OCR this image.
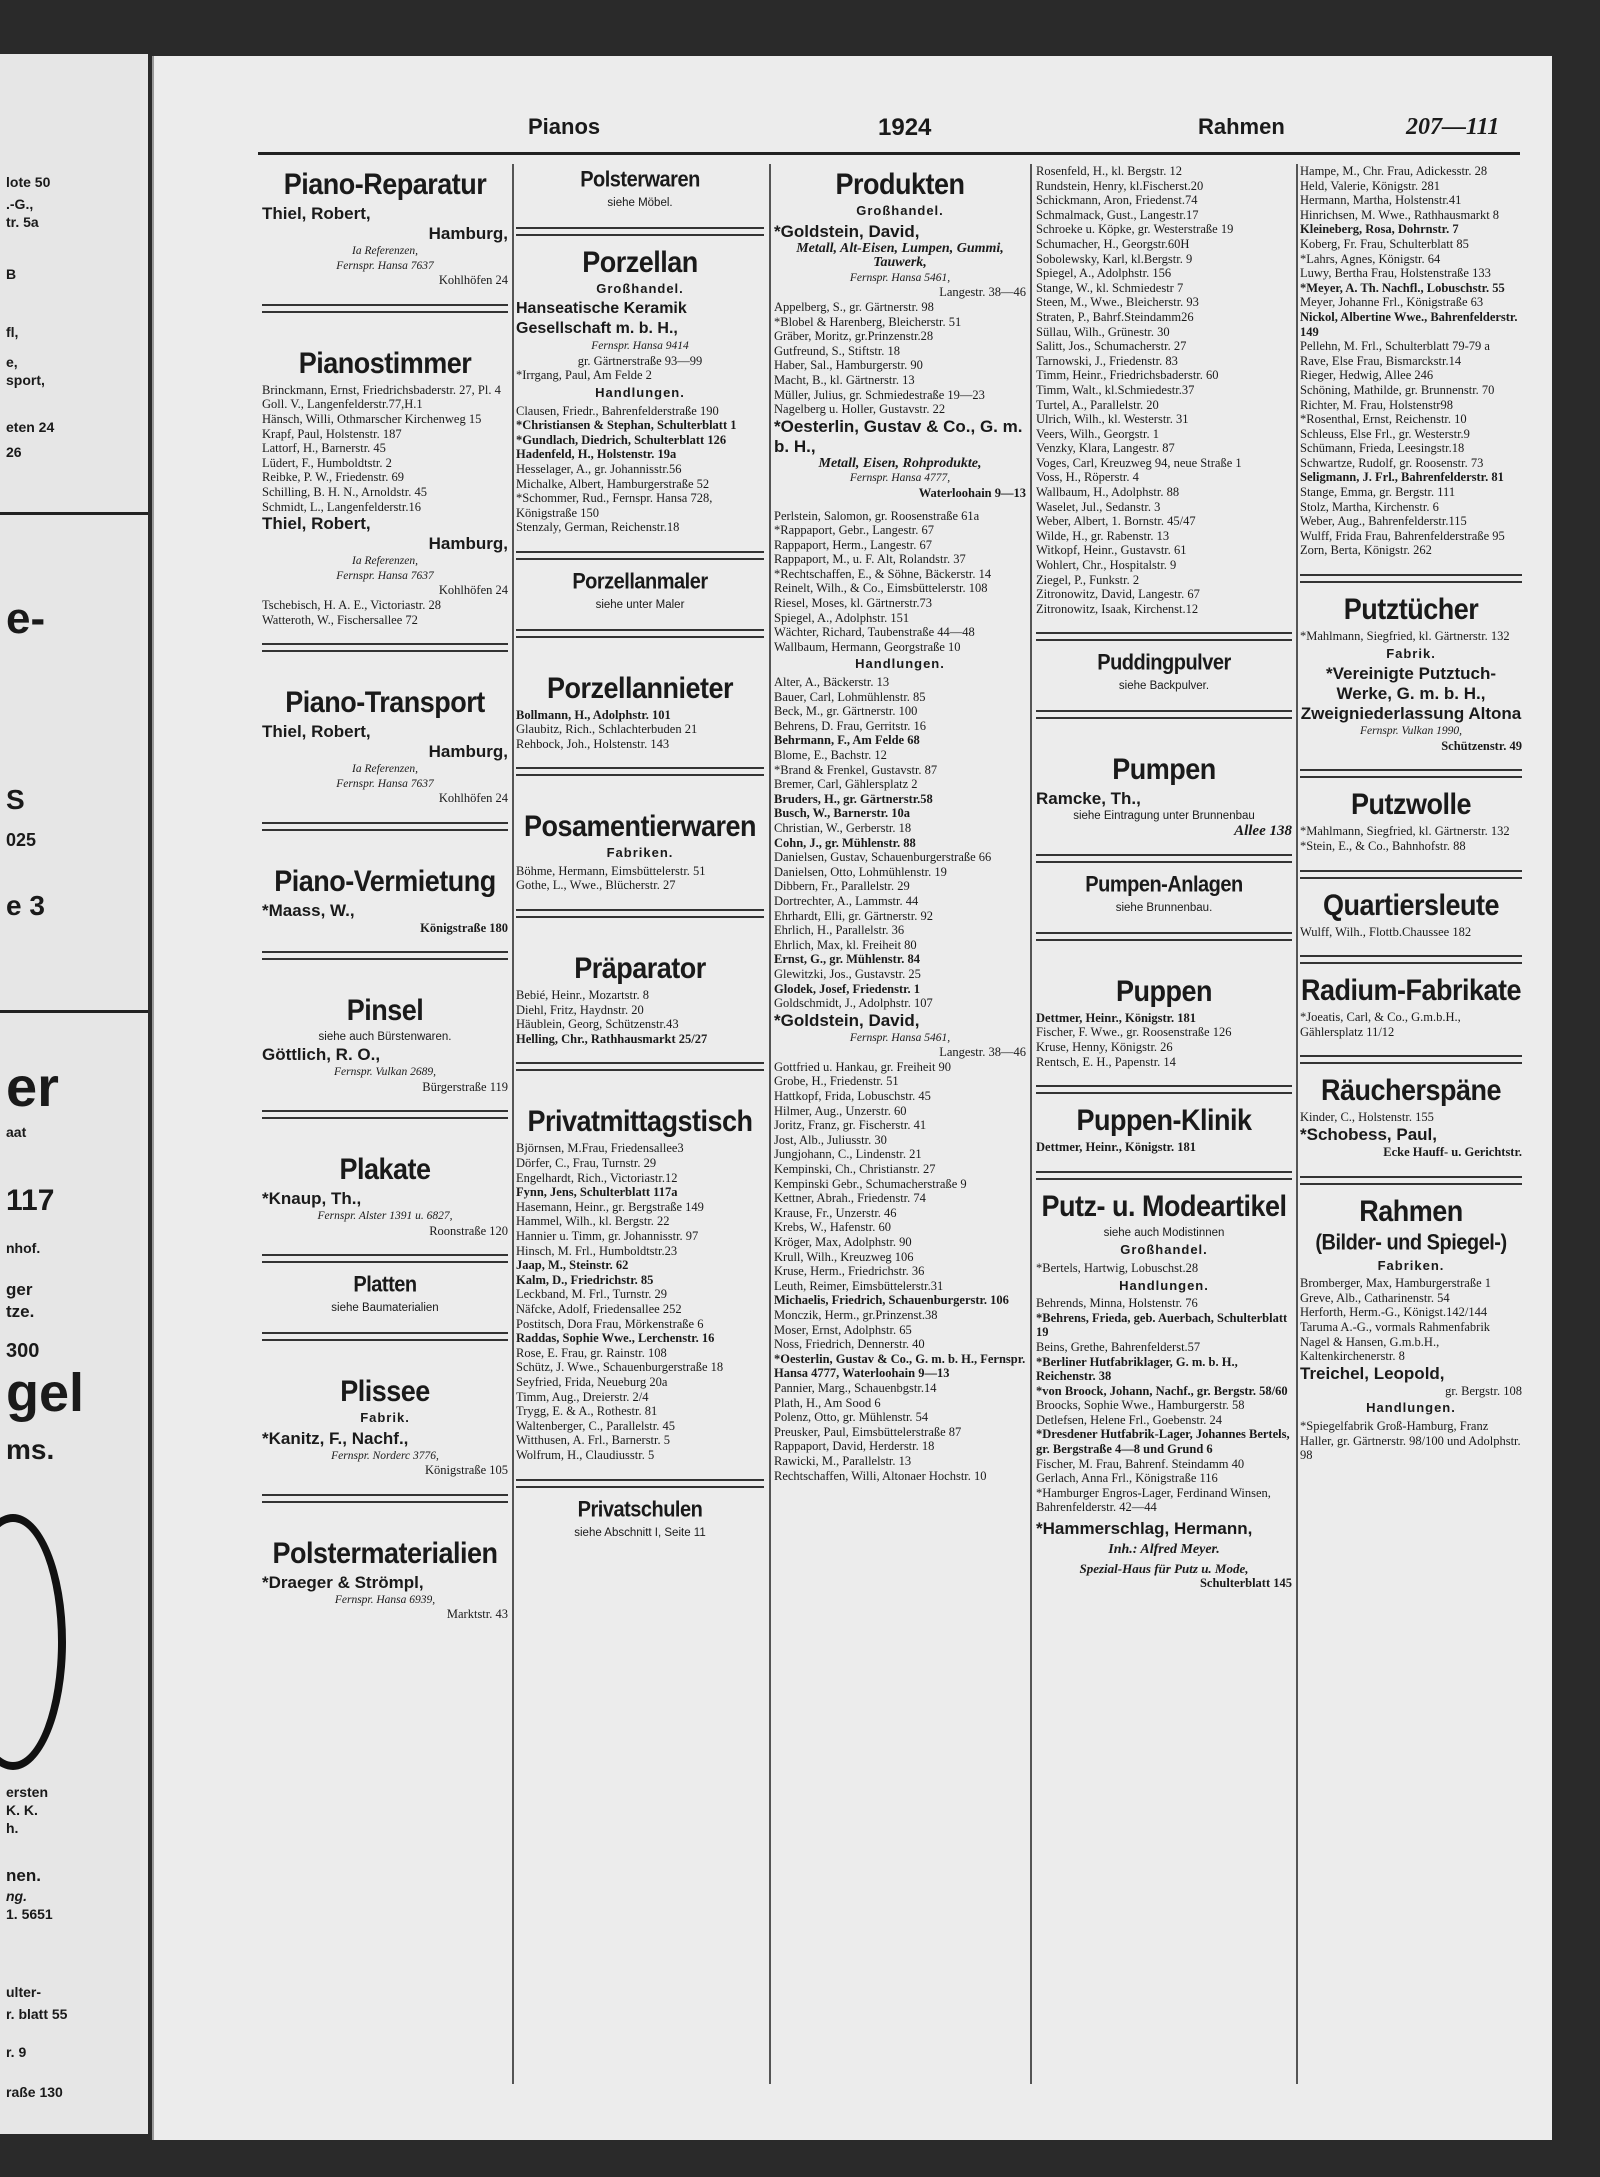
lote 50
.-G.,
tr. 5a
B
ﬂ,
e,
sport,
eten 24
26
e-
S
025
e 3
er
aat
117
nhof.
ger
tze.
300
gel
ms.
ersten
K. K.
h.
nen.
ng.
1. 5651
ulter-
r. blatt 55
r. 9
raße 130
Pianos	1924	Rahmen	207—111
Piano-Reparatur
Thiel, Robert,
Hamburg,
Ia Referenzen,
Fernspr. Hansa 7637
Kohlhöfen 24
Pianostimmer
Brinckmann, Ernst, Friedrichsbaderstr. 27, Pl. 4
Goll. V., Langenfelderstr.77,H.1
Hänsch, Willi, Othmarscher Kirchenweg 15
Krapf, Paul, Holstenstr. 187
Lattorf, H., Barnerstr. 45
Lüdert, F., Humboldtstr. 2
Reibke, P. W., Friedenstr. 69
Schilling, B. H. N., Arnoldstr. 45
Schmidt, L., Langenfelderstr.16
Thiel, Robert,
Hamburg,
Ia Referenzen,
Fernspr. Hansa 7637
Kohlhöfen 24
Tschebisch, H. A. E., Victoriastr. 28
Watteroth, W., Fischersallee 72
Piano-Transport
Thiel, Robert,
Hamburg,
Ia Referenzen,
Fernspr. Hansa 7637
Kohlhöfen 24
Piano-Vermietung
*Maass, W.,
Königstraße 180
Pinsel
siehe auch Bürstenwaren.
Göttlich, R. O.,
Fernspr. Vulkan 2689,
Bürgerstraße 119
Plakate
*Knaup, Th.,
Fernspr. Alster 1391 u. 6827,
Roonstraße 120
Platten
siehe Baumaterialien
Plissee
Fabrik.
*Kanitz, F., Nachf.,
Fernspr. Norderc 3776,
Königstraße 105
Polstermaterialien
*Draeger & Strömpl,
Fernspr. Hansa 6939,
Marktstr. 43
Polsterwaren
siehe Möbel.
Porzellan
Großhandel.
Hanseatische Keramik Gesellschaft m. b. H.,
Fernspr. Hansa 9414
gr. Gärtnerstraße 93—99
*Irrgang, Paul, Am Felde 2
Handlungen.
Clausen, Friedr., Bahrenfelderstraße 190
*Christiansen & Stephan, Schulterblatt 1
*Gundlach, Diedrich, Schulterblatt 126
Hadenfeld, H., Holstenstr. 19a
Hesselager, A., gr. Johannisstr.56
Michalke, Albert, Hamburgerstraße 52
*Schommer, Rud., Fernspr. Hansa 728, Königstraße 150
Stenzaly, German, Reichenstr.18
Porzellanmaler
siehe unter Maler
Porzellannieter
Bollmann, H., Adolphstr. 101
Glaubitz, Rich., Schlachterbuden 21
Rehbock, Joh., Holstenstr. 143
Posamentierwaren
Fabriken.
Böhme, Hermann, Eimsbüttelerstr. 51
Gothe, L., Wwe., Blücherstr. 27
Präparator
Bebié, Heinr., Mozartstr. 8
Diehl, Fritz, Haydnstr. 20
Häublein, Georg, Schützenstr.43
Helling, Chr., Rathhausmarkt 25/27
Privatmittagstisch
Björnsen, M.Frau, Friedensallee3
Dörfer, C., Frau, Turnstr. 29
Engelhardt, Rich., Victoriastr.12
Fynn, Jens, Schulterblatt 117a
Hasemann, Heinr., gr. Bergstraße 149
Hammel, Wilh., kl. Bergstr. 22
Hannier u. Timm, gr. Johannisstr. 97
Hinsch, M. Frl., Humboldtstr.23
Jaap, M., Steinstr. 62
Kalm, D., Friedrichstr. 85
Leckband, M. Frl., Turnstr. 29
Näfcke, Adolf, Friedensallee 252
Postitsch, Dora Frau, Mörkenstraße 6
Raddas, Sophie Wwe., Lerchenstr. 16
Rose, E. Frau, gr. Rainstr. 108
Schütz, J. Wwe., Schauenburgerstraße 18
Seyfried, Frida, Neueburg 20a
Timm, Aug., Dreierstr. 2/4
Trygg, E. & A., Rothestr. 81
Waltenberger, C., Parallelstr. 45
Witthusen, A. Frl., Barnerstr. 5
Wolfrum, H., Claudiusstr. 5
Privatschulen
siehe Abschnitt I, Seite 11
Produkten
Großhandel.
*Goldstein, David,
Metall, Alt-Eisen, Lumpen, Gummi, Tauwerk,
Fernspr. Hansa 5461,
Langestr. 38—46
Appelberg, S., gr. Gärtnerstr. 98
*Blobel & Harenberg, Bleicherstr. 51
Gräber, Moritz, gr.Prinzenstr.28
Gutfreund, S., Stiftstr. 18
Haber, Sal., Hamburgerstr. 90
Macht, B., kl. Gärtnerstr. 13
Müller, Julius, gr. Schmiedestraße 19—23
Nagelberg u. Holler, Gustavstr. 22
*Oesterlin, Gustav & Co., G. m. b. H.,
Metall, Eisen, Rohprodukte,
Fernspr. Hansa 4777,
Waterloohain 9—13
Perlstein, Salomon, gr. Roosenstraße 61a
*Rappaport, Gebr., Langestr. 67
Rappaport, Herm., Langestr. 67
Rappaport, M., u. F. Alt, Rolandstr. 37
*Rechtschaffen, E., & Söhne, Bäckerstr. 14
Reinelt, Wilh., & Co., Eimsbüttelerstr. 108
Riesel, Moses, kl. Gärtnerstr.73
Spiegel, A., Adolphstr. 151
Wächter, Richard, Taubenstraße 44—48
Wallbaum, Hermann, Georgstraße 10
Handlungen.
Alter, A., Bäckerstr. 13
Bauer, Carl, Lohmühlenstr. 85
Beck, M., gr. Gärtnerstr. 100
Behrens, D. Frau, Gerritstr. 16
Behrmann, F., Am Felde 68
Blome, E., Bachstr. 12
*Brand & Frenkel, Gustavstr. 87
Bremer, Carl, Gählersplatz 2
Bruders, H., gr. Gärtnerstr.58
Busch, W., Barnerstr. 10a
Christian, W., Gerberstr. 18
Cohn, J., gr. Mühlenstr. 88
Danielsen, Gustav, Schauenburgerstraße 66
Danielsen, Otto, Lohmühlenstr. 19
Dibbern, Fr., Parallelstr. 29
Dortrechter, A., Lammstr. 44
Ehrhardt, Elli, gr. Gärtnerstr. 92
Ehrlich, H., Parallelstr. 36
Ehrlich, Max, kl. Freiheit 80
Ernst, G., gr. Mühlenstr. 84
Glewitzki, Jos., Gustavstr. 25
Glodek, Josef, Friedenstr. 1
Goldschmidt, J., Adolphstr. 107
*Goldstein, David,
Fernspr. Hansa 5461,
Langestr. 38—46
Gottfried u. Hankau, gr. Freiheit 90
Grobe, H., Friedenstr. 51
Hattkopf, Frida, Lobuschstr. 45
Hilmer, Aug., Unzerstr. 60
Joritz, Franz, gr. Fischerstr. 41
Jost, Alb., Juliusstr. 30
Jungjohann, C., Lindenstr. 21
Kempinski, Ch., Christianstr. 27
Kempinski Gebr., Schumacherstraße 9
Kettner, Abrah., Friedenstr. 74
Krause, Fr., Unzerstr. 46
Krebs, W., Hafenstr. 60
Kröger, Max, Adolphstr. 90
Krull, Wilh., Kreuzweg 106
Kruse, Herm., Friedrichstr. 36
Leuth, Reimer, Eimsbüttelerstr.31
Michaelis, Friedrich, Schauenburgerstr. 106
Monczik, Herm., gr.Prinzenst.38
Moser, Ernst, Adolphstr. 65
Noss, Friedrich, Dennerstr. 40
*Oesterlin, Gustav & Co., G. m. b. H., Fernspr. Hansa 4777, Waterloohain 9—13
Pannier, Marg., Schauenbgstr.14
Plath, H., Am Sood 6
Polenz, Otto, gr. Mühlenstr. 54
Preusker, Paul, Eimsbüttelerstraße 87
Rappaport, David, Herderstr. 18
Rawicki, M., Parallelstr. 13
Rechtschaffen, Willi, Altonaer Hochstr. 10
Rosenfeld, H., kl. Bergstr. 12
Rundstein, Henry, kl.Fischerst.20
Schickmann, Aron, Friedenst.74
Schmalmack, Gust., Langestr.17
Schroeke u. Köpke, gr. Westerstraße 19
Schumacher, H., Georgstr.60H
Sobolewsky, Karl, kl.Bergstr. 9
Spiegel, A., Adolphstr. 156
Stange, W., kl. Schmiedestr 7
Steen, M., Wwe., Bleicherstr. 93
Straten, P., Bahrf.Steindamm26
Süllau, Wilh., Grünestr. 30
Salitt, Jos., Schumacherstr. 27
Tarnowski, J., Friedenstr. 83
Timm, Heinr., Friedrichsbaderstr. 60
Timm, Walt., kl.Schmiedestr.37
Turtel, A., Parallelstr. 20
Ulrich, Wilh., kl. Westerstr. 31
Veers, Wilh., Georgstr. 1
Venzky, Klara, Langestr. 87
Voges, Carl, Kreuzweg 94, neue Straße 1
Voss, H., Röperstr. 4
Wallbaum, H., Adolphstr. 88
Waselet, Jul., Sedanstr. 3
Weber, Albert, 1. Bornstr. 45/47
Wilde, H., gr. Rabenstr. 13
Witkopf, Heinr., Gustavstr. 61
Wohlert, Chr., Hospitalstr. 9
Ziegel, P., Funkstr. 2
Zitronowitz, David, Langestr. 67
Zitronowitz, Isaak, Kirchenst.12
Puddingpulver
siehe Backpulver.
Pumpen
Ramcke, Th.,
siehe Eintragung unter Brunnenbau
Allee 138
Pumpen-Anlagen
siehe Brunnenbau.
Puppen
Dettmer, Heinr., Königstr. 181
Fischer, F. Wwe., gr. Roosenstraße 126
Kruse, Henny, Königstr. 26
Rentsch, E. H., Papenstr. 14
Puppen-Klinik
Dettmer, Heinr., Königstr. 181
Putz- u. Modeartikel
siehe auch Modistinnen
Großhandel.
*Bertels, Hartwig, Lobuschst.28
Handlungen.
Behrends, Minna, Holstenstr. 76
*Behrens, Frieda, geb. Auerbach, Schulterblatt 19
Beins, Grethe, Bahrenfelderst.57
*Berliner Hutfabriklager, G. m. b. H., Reichenstr. 38
*von Broock, Johann, Nachf., gr. Bergstr. 58/60
Broocks, Sophie Wwe., Hamburgerstr. 58
Detlefsen, Helene Frl., Goebenstr. 24
*Dresdener Hutfabrik-Lager, Johannes Bertels, gr. Bergstraße 4—8 und Grund 6
Fischer, M. Frau, Bahrenf. Steindamm 40
Gerlach, Anna Frl., Königstraße 116
*Hamburger Engros-Lager, Ferdinand Winsen, Bahrenfelderstr. 42—44
*Hammerschlag, Hermann,
Inh.: Alfred Meyer.
Spezial-Haus für Putz u. Mode,
Schulterblatt 145
Hampe, M., Chr. Frau, Adickesstr. 28
Held, Valerie, Königstr. 281
Hermann, Martha, Holstenstr.41
Hinrichsen, M. Wwe., Rathhausmarkt 8
Kleineberg, Rosa, Dohrnstr. 7
Koberg, Fr. Frau, Schulterblatt 85
*Lahrs, Agnes, Königstr. 64
Luwy, Bertha Frau, Holstenstraße 133
*Meyer, A. Th. Nachfl., Lobuschstr. 55
Meyer, Johanne Frl., Königstraße 63
Nickol, Albertine Wwe., Bahrenfelderstr. 149
Pellehn, M. Frl., Schulterblatt 79-79 a
Rave, Else Frau, Bismarckstr.14
Rieger, Hedwig, Allee 246
Schöning, Mathilde, gr. Brunnenstr. 70
Richter, M. Frau, Holstenstr98
*Rosenthal, Ernst, Reichenstr. 10
Schleuss, Else Frl., gr. Westerstr.9
Schümann, Frieda, Leesingstr.18
Schwartze, Rudolf, gr. Roosenstr. 73
Seligmann, J. Frl., Bahrenfelderstr. 81
Stange, Emma, gr. Bergstr. 111
Stolz, Martha, Kirchenstr. 6
Weber, Aug., Bahrenfelderstr.115
Wulff, Frida Frau, Bahrenfelderstraße 95
Zorn, Berta, Königstr. 262
Putztücher
*Mahlmann, Siegfried, kl. Gärtnerstr. 132
Fabrik.
*Vereinigte Putztuch-Werke, G. m. b. H., Zweigniederlassung Altona
Fernspr. Vulkan 1990,
Schützenstr. 49
Putzwolle
*Mahlmann, Siegfried, kl. Gärtnerstr. 132
*Stein, E., & Co., Bahnhofstr. 88
Quartiersleute
Wulff, Wilh., Flottb.Chaussee 182
Radium-Fabrikate
*Joeatis, Carl, & Co., G.m.b.H., Gählersplatz 11/12
Räucherspäne
Kinder, C., Holstenstr. 155
*Schobess, Paul,
Ecke Hauff- u. Gerichtstr.
Rahmen
(Bilder- und Spiegel-)
Fabriken.
Bromberger, Max, Hamburgerstraße 1
Greve, Alb., Catharinenstr. 54
Herforth, Herm.-G., Königst.142/144
Taruma A.-G., vormals Rahmenfabrik Nagel & Hansen, G.m.b.H., Kaltenkirchenerstr. 8
Treichel, Leopold,
gr. Bergstr. 108
Handlungen.
*Spiegelfabrik Groß-Hamburg, Franz Haller, gr. Gärtnerstr. 98/100 und Adolphstr. 98
